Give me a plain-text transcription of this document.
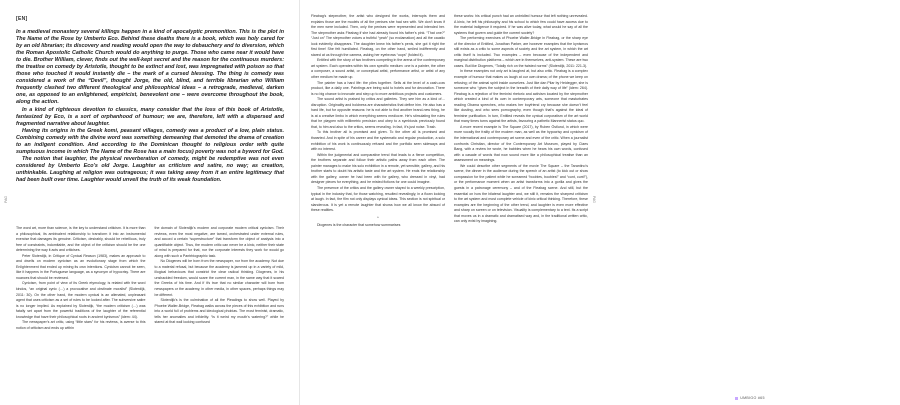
[EN]

In a medieval monastery several killings happen in a kind of apocalyptic premonition. This is the plot in The Name of the Rose by Umberto Eco. Behind these deaths there is a book, which was holy cared for by an old librarian; its discovery and reading would open the way to debauchery and to diversion, which the Roman Apostolic Catholic Church would do anything to purge. Those who came near it would have to die. Brother William, clever, finds out the well-kept secret and the reason for the continuous murders: the treatise on comedy by Aristotle, thought to be extinct and lost, was impregnated with poison so that those who touched it would instantly die – the mark of a cursed blessing. The thing is comedy was considered a work of the “Devil”, thought Jorge, the old, blind, and terrible librarian who William frequently clashed two different theological and philosophical ideas – a retrograde, medieval, darken one, as opposed to an enlightened, empiricist, benevolent one – were overcome throughout the book, along the action.

In a kind of righteous devotion to classics, many consider that the loss of this book of Aristotle, fantasized by Eco, is a sort of orphanhood of humour; we are, therefore, left with a dispersed and fragmented narrative about laughter.

Having its origins in the Greek komi, peasant villages, comedy was a product of a low, plain status. Combining comedy with the divine word was something demeaning that demoted the drama of creation to an indigent condition. And according to the Dominican thought to religious order with quite sumptuous income in which The Name of the Rose has a main focus) poverty was not a byword for God.

The notion that laughter, the physical reverberation of comedy, might be redemptive was not even considered by Umberto Eco’s old Jorge. Laughter as criticism and satire, no way; as creation, unthinkable. Laughing at religion was outrageous; it was taking away from it an entire legitimacy that had been built over time. Laughter would unveil the truth of its weak foundation.

The word art, more than science, is the key to understand criticism. It is more than a philosophical, its ambivalent relationship to transform it into an instrumental exercise that damages its genuine. Criticism, desirably, should be rebellious, truly free of constraints, indomitable, and the object of the criticism should be the one determining the way it acts and criticises.

Peter Sloterdijk, in Critique of Cynical Reason (1983), makes an approach to and dwells on modern cynicism as an evolutionary stage from which the Enlightenment that ended up mining its own intentions. Cynicism cannot be seen, like it happens in the Portuguese language, as a synonym of hypocrisy. There are nuances that should be reviewed.

Cynicism, from point of view of its Greek etymology, is related with the word kindos, “an original cynic (…) a provocative and obstinate moralist” (Sloterdijk, 2011: 30). On the other hand, the modern cynical is an alienated, unpleasant agent that uses criticism as a set of rules to be looked after. The subversive satire is no longer implied. As explained by Sloterdijk, “the modern criticism (…) was fatally set apart from the powerful traditions of the laughter of the referential knowledge that have their philosophical roots in ancient kynismos” (idem: 44).

The newspaper’s art critic, using “little stars” for his reviews, is averse to this notion of criticism and ends up within

the domain of Sloterdijk’s modern and corporate modern critical cynicism. Their reviews, even the most negative, are tamed, orchestrated under external rules, and accord a certain “superstructure” that transform the object of analysis into a quantifiable object. Thus, the modern critic can never be a kinic, neither their state of mind is prepared for that, nor the corporate interests they work for would go along with such a Pantrbiographic task.

No Diogenes will be born from the newspaper, nor from the academy. Not due to a material refusal, but because the academy is jammed up in a variety of mild, illogical behaviours that constrict the clear radical thinking. Diogenes, in his unshackled freedom, would scare the current man, in the same way that it scared the Greeks of his time. And if it’s true that no similar character will born from newspapers or the academy, in other media, in other spaces, perhaps things may be different.

Sloterdijk’s is the culmination of all the Pleadings to show well. Played by Phoebe Waller-Bridge, Fleabag walks across the pieces of this exhibition and runs into a world full of problems and ideological phobias. The most feminist, dramatic, tells her anomalies and infidelity. “Is it weird my mouth’s watering?” while he stared at that wall looking confused

PAG

Fleabag’s stepmother, the artist who designed the works, interrupts them and explains those are the models of all the penises she had sex with. We don’t know if the men were included. Then, only the penises were represented and intended her. The stepmother asks Fleabag if she had already found his father’s pink. “That one?” “Just on” The stepmother voices a truthful “yeah” (so exclamation) and all the caustic look evidently disappears. The daughter knew his father’s penis, she got it right the first time! She felt humiliated. Fleabag, on the other hand, smiled indifferently and stared at us through the camera, asking her eyebrows “oops” (folded it).

Entitled with the story of two brothers competing in the arena of the contemporary art system. Each operates within his own specific medium: one is a painter, the other a composer, a sound artist, or conceptual artist, performance artist, or artist of any other medium he made up.

The painter has a hard life: the piles together. Sells at the level of a cash-cow product, like a daily one. Paintings are being sold to hotels and for decoration. There is no big chance to innovate and step up to more ambitious projects and customers.

The sound artist is praised by critics and galleries. They see him as a kind of… disruption. Originality and boldness are characteristics that define him. He also has a hard life, but for opposite reasons: he is not able to find another brand-new thing, he is at a creative limbo in which everything seems mediocre. He’s stimulating the rules that he playpen with millimetric precision and obey to a symbiosis previously found that, to him and also to the critics, seems revealing. In fact, it’s just noise. Trash.

To this brother all is promised and given. To the other all is promised and thwarted. And in spite of his career and the systematic and regular production, a solo exhibition of his work is continuously refused and the portfolio seen sideways and with no interest.

Within the judgmental and comparative trend that leads to a fierce competition, the brothers separate and follow their artistic paths away from each other. The painter manages to make his solo exhibition in a remote, yet sensible, gallery, and his brother starts to doubt his artistic taste and the art system. He ends the relationship with the gallery, owner he had been with for gallery, who dressed in vinyl, had designer pieces for everything, and he misted fictions for one could imagine.

The presence of the critics and the gallery owner stayed to a weekly prescription, typical in the industry that, for those watching, resulted revealingly, in a flown looking at laugh. In fact, the film not only displays cynical ideas. This section is not spiritual or slanderous. It is yet a remote laughter that shows how we all know the absurd of these realities.

*

Diogenes is the character that somehow summarises

these works: his critical punch had an unbridled humour that left nothing unrevealed. A kinic, he left his philosophy and his school to which few could have access due to the material indigence it required. If he was alive today, what would he say of all the systems that govern and guide the current society?

The performing exercises of Phoebe Waller-Bridge in Fleabag, or the sharp eye of the director of Entitled, Jonathan Parker, are however examples that the kynismos still exists as a critic to some aspects of society and the art system, in which the art critic itself is included. Two examples – even because of the independent and marginal distribution platforms – which are in themselves, anti-system. These are two cases. But like Diogenes, “Totally rich on the twisted norms” (Sloterdijk, 2011: 221-3).

In these examples not only art is laughed at, but also critic. Fleabag is a complex example of humour that makes us laugh at our own drama; of the phone we keep on refusing; of the animal spirit inside ourselves. Just like dan Pilar by Heidegger, she is someone who “gives the subject in the breadth of their daily way of life” (idem: 264). Fleabag is a rejection of the feminist rhetoric and activism located by the stepmother which created a kind of its own in contemporary arts, someone that masturbates reading Obama speeches, who makes her boyfriend cry because she doesn’t feel like dusting, and who sees pornography, even though that’s against the ideal of feminine purification. In turn, Entitled reveals the cynical corporatism of the art world that many times turns against the artists, favouring a pathetic Mannerist status quo.

A more recent example is The Square (2017), by Ruben Östlund, in which were more vocally the frailty of the modern man, as well as the hypocrisy and cynicism of the international and contemporary art scene and even of the critic. When a journalist confronts Christian, director of the Contemporary Art Museum, played by Claes Bang, with a review he wrote, he babbles when he hears his own words, confused with a casade of words that now sound more like a philosophical treatise than an assessment on meanings.

We could describe other segments of the movie The Square – the Tarantino’s scene, the dinner in the audience during the speech of an artist (to kick out or show compassion for the patient while he screamed “boobies, boobies!” and “cunt, cunt!”), or the performance moment when an artist transforms into a gorilla and gives the guests in a patronage ceremony – and of the Fleabag scene. And still, but the essential on how the bilateral laughter and, we still it, remains the sharpest criticism to the art system and most complete vehicle of kinic critical thinking. Therefore, these examples are the beginning of the other trend, and laughter is even more effective and sharp on screen or on television. Visuality is complementary to a text. Its a script that moves us in a dramatic and dramatised way and, in the traditional written critic, can only exist by imagining.

PAG
UMBIGO #65
